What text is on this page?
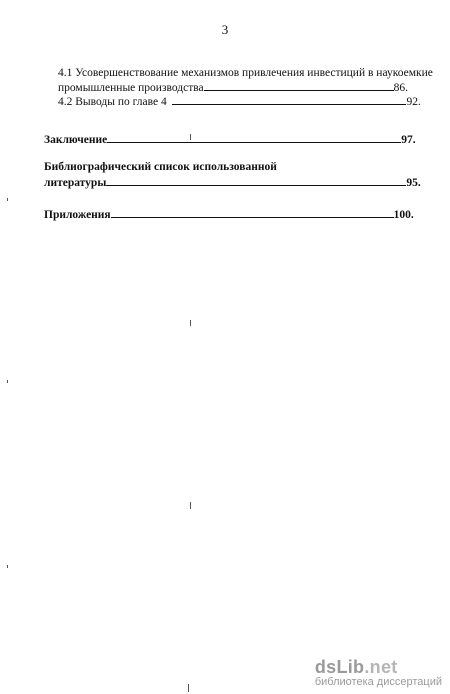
3
4.1 Усовершенствование механизмов привлечения инвестиций в наукоемкие
промышленные производства	86.
4.2 Выводы по главе 4	92.
Заключение	97.
Библиографический список использованной
литературы	95.
Приложения	100.
dsLib.net
библиотека диссертаций
